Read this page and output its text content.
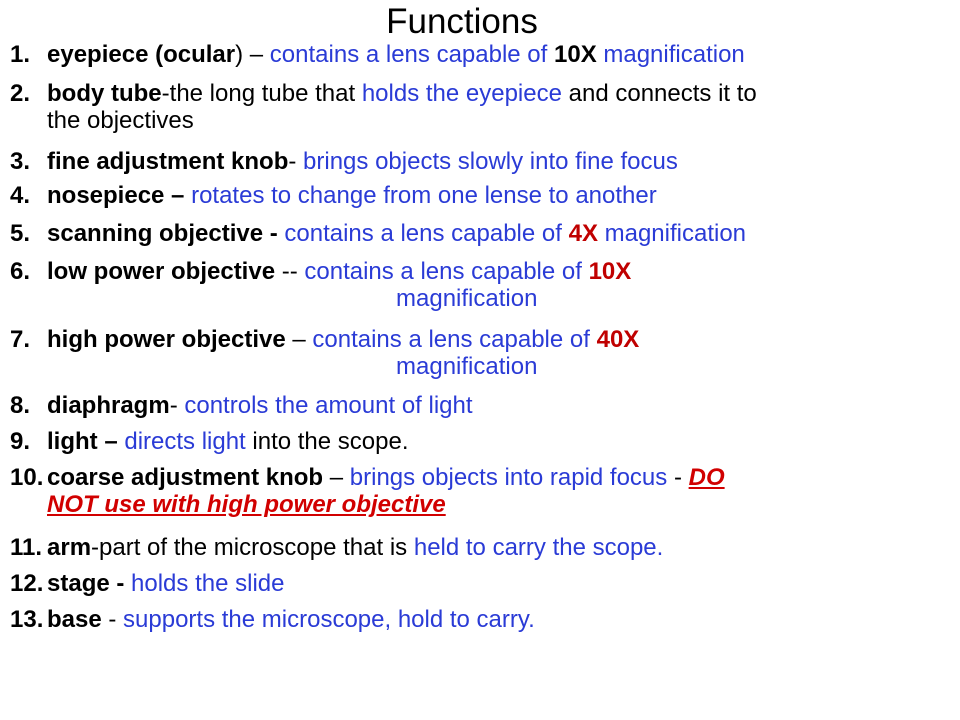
Functions
1. eyepiece (ocular) – contains a lens capable of 10X magnification
2. body tube-the long tube that holds the eyepiece and connects it to
the objectives
3. fine adjustment knob- brings objects slowly into fine focus
4. nosepiece – rotates to change from one lense to another
5. scanning objective - contains a lens capable of 4X magnification
6. low power objective -- contains a lens capable of 10X
magnification
7. high power objective – contains a lens capable of 40X
magnification
8. diaphragm- controls the amount of light
9. light – directs light into the scope.
10. coarse adjustment knob – brings objects into rapid focus - DO
NOT use with high power objective
11. arm-part of the microscope that is held to carry the scope.
12. stage - holds the slide
13. base - supports the microscope, hold to carry.
